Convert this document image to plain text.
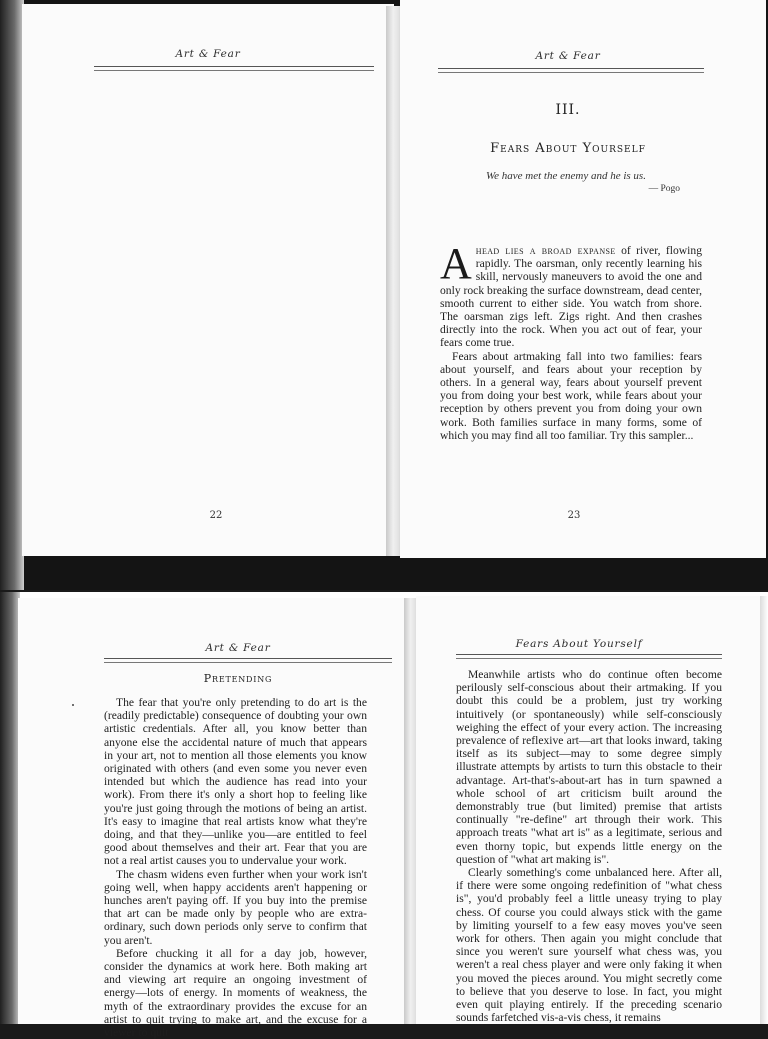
Art & Fear
22
Art & Fear
III.
Fears About Yourself
We have met the enemy and he is us.
— Pogo

Ahead lies a broad expanse of river, flowing rapidly. The oarsman, only recently learning his skill, nervously maneuvers to avoid the one and only rock breaking the surface downstream, dead center, smooth current to either side. You watch from shore. The oarsman zigs left. Zigs right. And then crashes directly into the rock. When you act out of fear, your fears come true.

Fears about artmaking fall into two families: fears about yourself, and fears about your reception by others. In a general way, fears about yourself prevent you from doing your best work, while fears about your reception by others prevent you from doing your own work. Both families surface in many forms, some of which you may find all too familiar. Try this sampler...

23
Art & Fear
Pretending

The fear that you're only pretending to do art is the (readily predictable) consequence of doubting your own artistic credentials. After all, you know better than anyone else the accidental nature of much that appears in your art, not to mention all those elements you know originated with others (and even some you never even intended but which the audience has read into your work). From there it's only a short hop to feeling like you're just going through the motions of being an artist. It's easy to imagine that real artists know what they're doing, and that they—unlike you—are entitled to feel good about themselves and their art. Fear that you are not a real artist causes you to undervalue your work.

The chasm widens even further when your work isn't going well, when happy accidents aren't happening or hunches aren't paying off. If you buy into the premise that art can be made only by people who are extra-ordinary, such down periods only serve to confirm that you aren't.

Before chucking it all for a day job, however, consider the dynamics at work here. Both making art and viewing art require an ongoing investment of energy—lots of energy. In moments of weakness, the myth of the extraordinary provides the excuse for an artist to quit trying to make art, and the excuse for a viewer to quit

Fears About Yourself

Meanwhile artists who do continue often become perilously self-conscious about their artmaking. If you doubt this could be a problem, just try working intuitively (or spontaneously) while self-consciously weighing the effect of your every action. The increasing prevalence of reflexive art—art that looks inward, taking itself as its subject—may to some degree simply illustrate attempts by artists to turn this obstacle to their advantage. Art-that's-about-art has in turn spawned a whole school of art criticism built around the demonstrably true (but limited) premise that artists continually "re-define" art through their work. This approach treats "what art is" as a legitimate, serious and even thorny topic, but expends little energy on the question of "what art making is".

Clearly something's come unbalanced here. After all, if there were some ongoing redefinition of "what chess is", you'd probably feel a little uneasy trying to play chess. Of course you could always stick with the game by limiting yourself to a few easy moves you've seen work for others. Then again you might conclude that since you weren't sure yourself what chess was, you weren't a real chess player and were only faking it when you moved the pieces around. You might secretly come to believe that you deserve to lose. In fact, you might even quit playing entirely. If the preceding scenario sounds farfetched vis-a-vis chess, it remains
